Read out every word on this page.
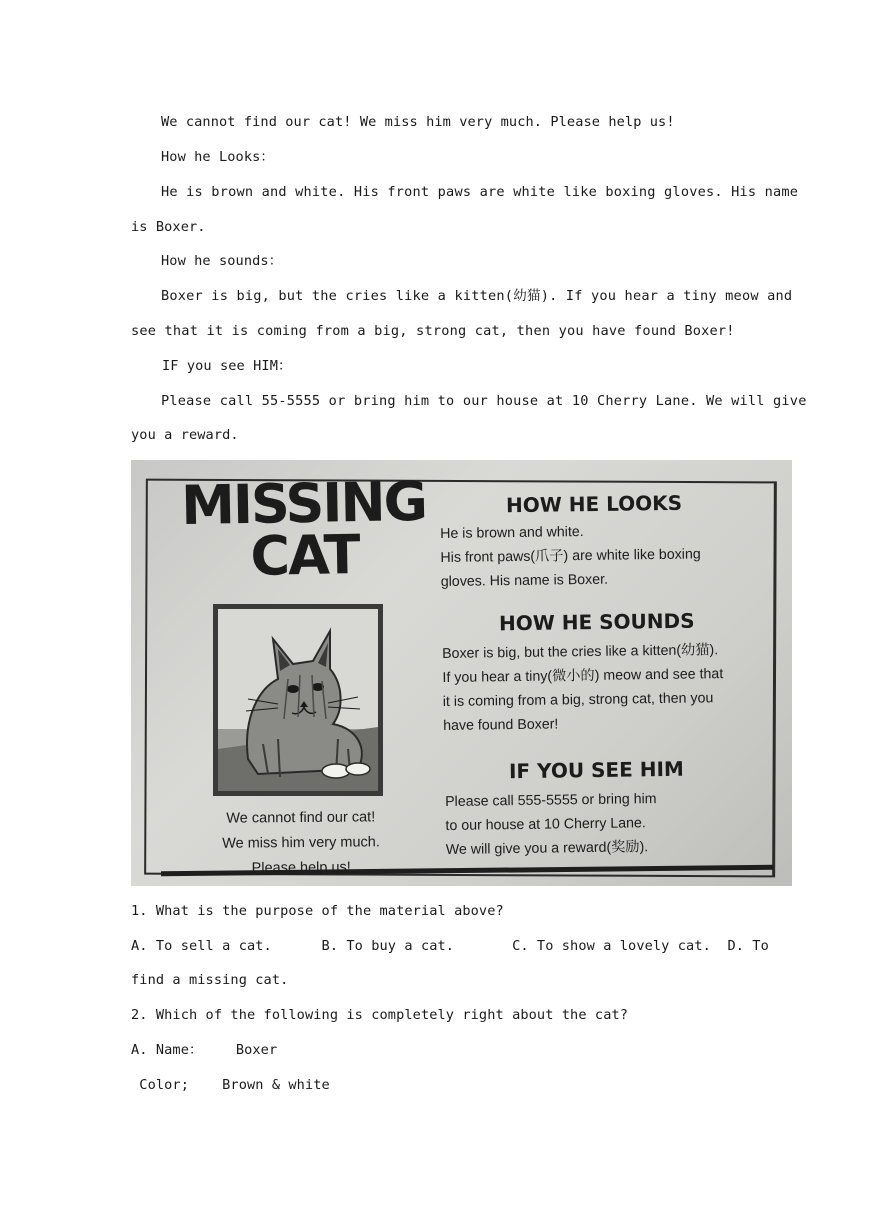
We cannot find our cat! We miss him very much. Please help us!
How he Looks：
He is brown and white. His front paws are white like boxing gloves. His name
is Boxer.
How he sounds：
Boxer is big, but the cries like a kitten(幼猫). If you hear a tiny meow and
see that it is coming from a big, strong cat, then you have found Boxer!
IF you see HIM：
Please call 55-5555 or bring him to our house at 10 Cherry Lane. We will give
you a reward.
MISSING
CAT
We cannot find our cat!
We miss him very much.
Please help us!
HOW HE LOOKS
He is brown and white.
His front paws(爪子) are white like boxing
gloves. His name is Boxer.
HOW HE SOUNDS
Boxer is big, but the cries like a kitten(幼猫).
If you hear a tiny(微小的) meow and see that
it is coming from a big, strong cat, then you
have found Boxer!
IF YOU SEE HIM
Please call 555-5555 or bring him
to our house at 10 Cherry Lane.
We will give you a reward(奖励).
1. What is the purpose of the material above?
A. To sell a cat.      B. To buy a cat.       C. To show a lovely cat.  D. To
find a missing cat.
2. Which of the following is completely right about the cat?
A. Name：    Boxer
Color;    Brown & white
